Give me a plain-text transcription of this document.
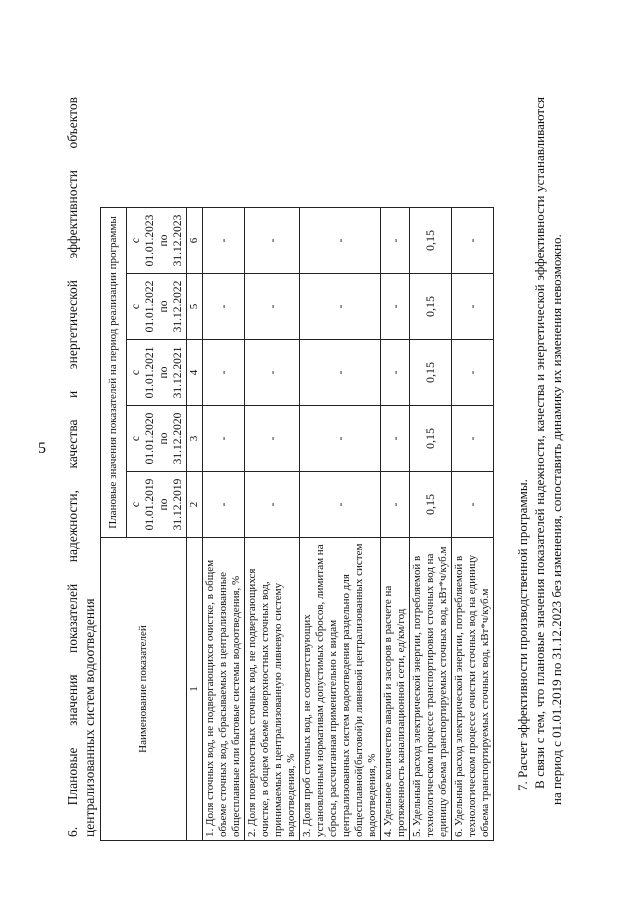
5
6.
Плановые
значения
показателей
надежности,
качества
и
энергетической
эффективности
объектов
централизованных систем водоотведения	Наименование показателей	Плановые значения показателей на период реализации программы				
	с 01.01.2019 по 31.12.2019	с 01.01.2020 по 31.12.2020	с 01.01.2021 по 31.12.2021	с 01.01.2022 по 31.12.2022	с 01.01.2023 по 31.12.2023
1	2	3	4	5	6
1. Доля сточных вод, не подвергающихся очистке, в общем объеме сточных вод, сбрасываемых в централизованные общесплавные или бытовые системы водоотведения, %	-	-	-	-	-
2. Доля поверхностных сточных вод, не подвергающихся очистке, в общем объеме поверхностных сточных вод, принимаемых в централизованную ливневую систему водоотведения, %	-	-	-	-	-
3. Доля проб сточных вод, не соответствующих установленным нормативам допустимых сбросов, лимитам на сбросы, рассчитанная применительно к видам централизованных систем водоотведения раздельно для общесплавной(бытовой)и ливневой централизованных систем водоотведения, %	-	-	-	-	-
4. Удельное количество аварий и засоров в расчете на протяженность канализационной сети, ед/км/год	-	-	-	-	-
5. Удельный расход электрической энергии, потребляемой в технологическом процессе транспортировки сточных вод на единицу объема транспортируемых сточных вод, кВт*ч/куб.м	0,15	0,15	0,15	0,15	0,15
6. Удельный расход электрической энергии, потребляемой в технологическом процессе очистки сточных вод на единицу объема транспортируемых сточных вод, кВт*ч/куб.м	-	-	-	-	-

7. Расчет эффективности производственной программы. В связи с тем, что плановые значения показателей надежности, качества и энергетической эффективности устанавливаются на период с 01.01.2019 по 31.12.2023 без изменения, сопоставить динамику их изменения невозможно.
